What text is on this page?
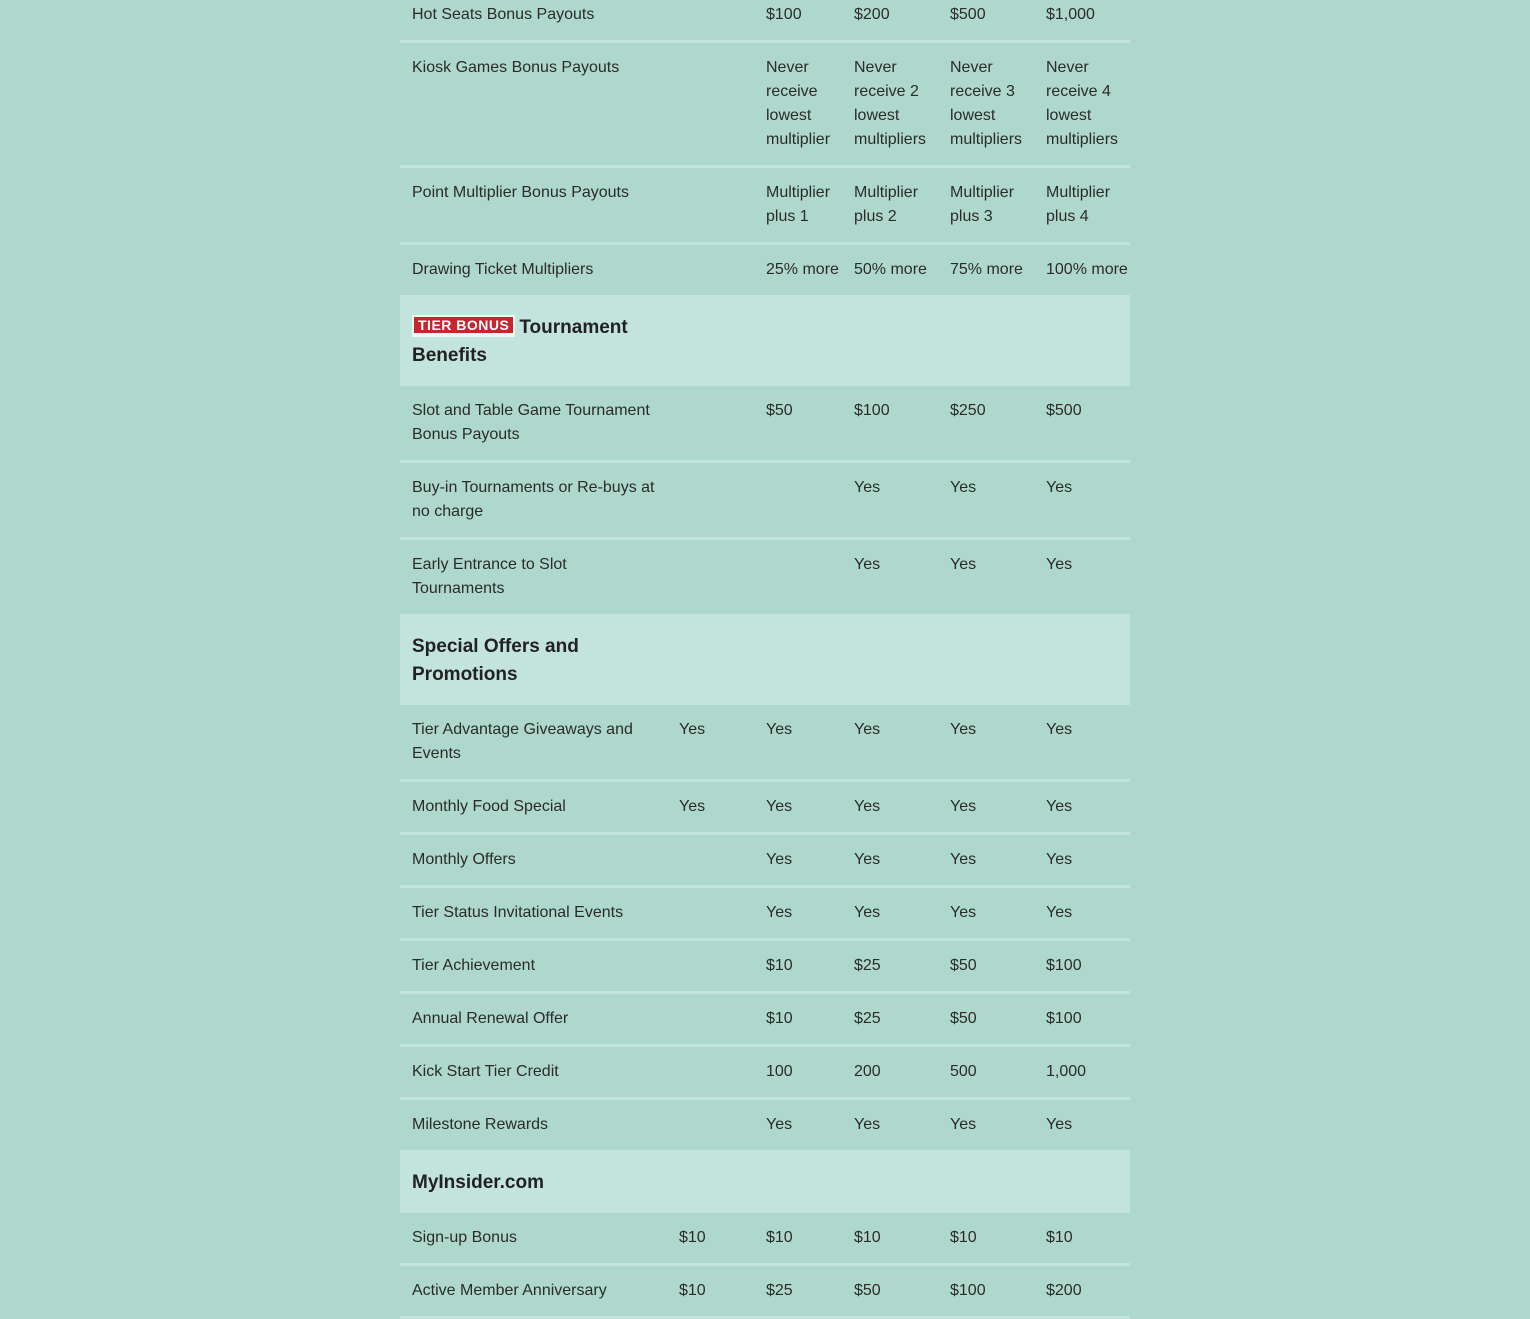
Hot Seats Bonus Payouts		$100	$200	$500	$1,000
Kiosk Games Bonus Payouts		Never receive lowest multiplier	Never receive 2 lowest multipliers	Never receive 3 lowest multipliers	Never receive 4 lowest multipliers
Point Multiplier Bonus Payouts		Multiplier plus 1	Multiplier plus 2	Multiplier plus 3	Multiplier plus 4
Drawing Ticket Multipliers		25% more	50% more	75% more	100% more

TIER BONUS Tournament Benefits					
Slot and Table Game Tournament Bonus Payouts		$50	$100	$250	$500
Buy-in Tournaments or Re-buys at no charge			Yes	Yes	Yes
Early Entrance to Slot Tournaments			Yes	Yes	Yes
Special Offers and Promotions					
Tier Advantage Giveaways and Events	Yes	Yes	Yes	Yes	Yes
Monthly Food Special	Yes	Yes	Yes	Yes	Yes
Monthly Offers		Yes	Yes	Yes	Yes
Tier Status Invitational Events		Yes	Yes	Yes	Yes
Tier Achievement		$10	$25	$50	$100
Annual Renewal Offer		$10	$25	$50	$100
Kick Start Tier Credit		100	200	500	1,000
Milestone Rewards		Yes	Yes	Yes	Yes
MyInsider.com					
Sign-up Bonus	$10	$10	$10	$10	$10
Active Member Anniversary	$10	$25	$50	$100	$200
